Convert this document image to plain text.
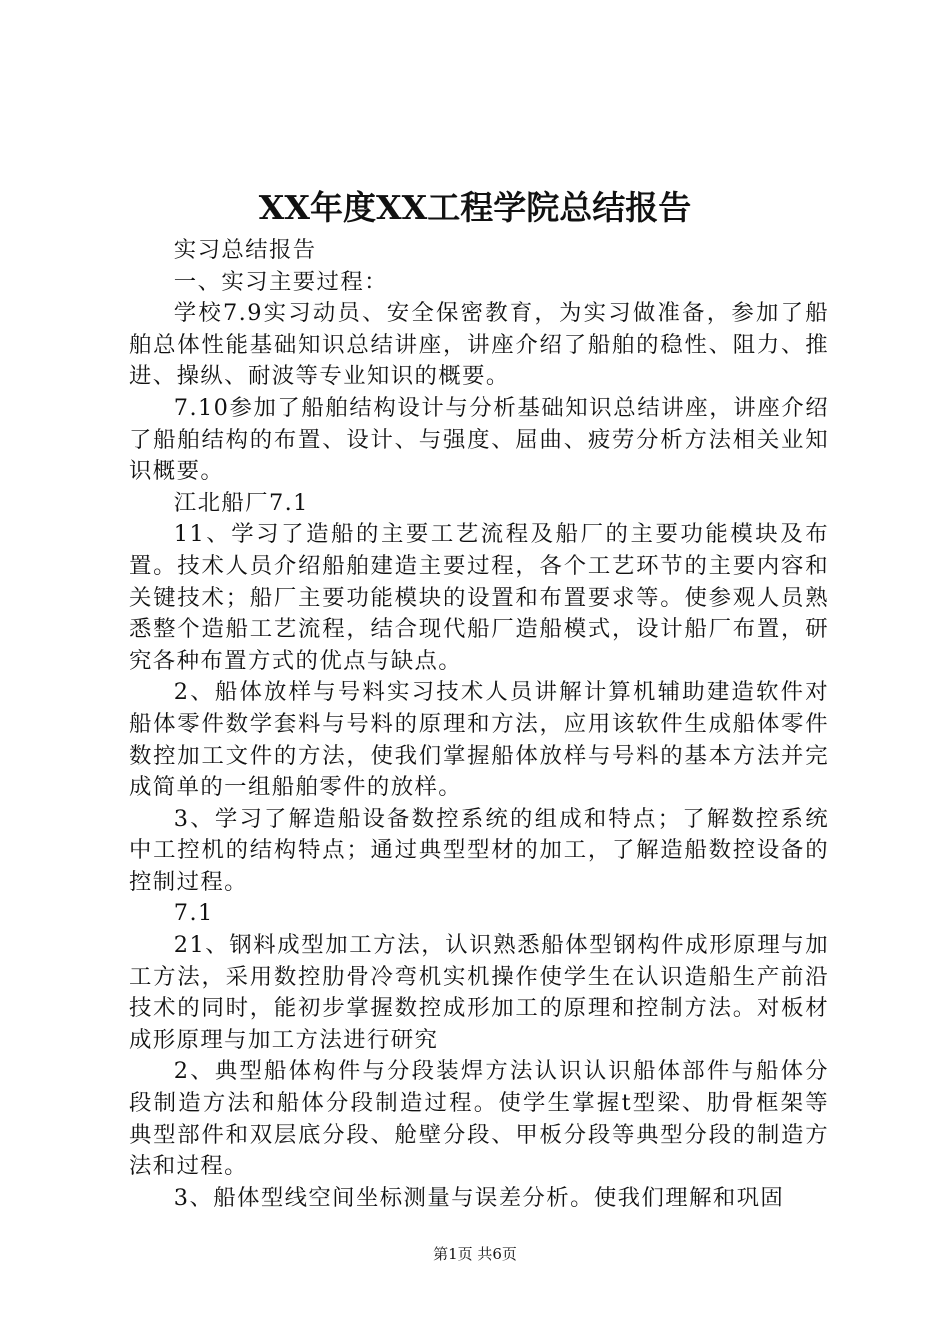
XX年度XX工程学院总结报告

实习总结报告

一、实习主要过程：

学校7.9实习动员、安全保密教育，为实习做准备，参加了船舶总体性能基础知识总结讲座，讲座介绍了船舶的稳性、阻力、推进、操纵、耐波等专业知识的概要。

7.10参加了船舶结构设计与分析基础知识总结讲座，讲座介绍了船舶结构的布置、设计、与强度、屈曲、疲劳分析方法相关业知识概要。

江北船厂7.1

11、学习了造船的主要工艺流程及船厂的主要功能模块及布置。技术人员介绍船舶建造主要过程，各个工艺环节的主要内容和关键技术；船厂主要功能模块的设置和布置要求等。使参观人员熟悉整个造船工艺流程，结合现代船厂造船模式，设计船厂布置，研究各种布置方式的优点与缺点。

2、船体放样与号料实习技术人员讲解计算机辅助建造软件对船体零件数学套料与号料的原理和方法，应用该软件生成船体零件数控加工文件的方法，使我们掌握船体放样与号料的基本方法并完成简单的一组船舶零件的放样。

3、学习了解造船设备数控系统的组成和特点；了解数控系统中工控机的结构特点；通过典型型材的加工，了解造船数控设备的控制过程。

7.1

21、钢料成型加工方法，认识熟悉船体型钢构件成形原理与加工方法，采用数控肋骨冷弯机实机操作使学生在认识造船生产前沿技术的同时，能初步掌握数控成形加工的原理和控制方法。对板材成形原理与加工方法进行研究

2、典型船体构件与分段装焊方法认识认识船体部件与船体分段制造方法和船体分段制造过程。使学生掌握t型梁、肋骨框架等典型部件和双层底分段、舱壁分段、甲板分段等典型分段的制造方法和过程。

3、船体型线空间坐标测量与误差分析。使我们理解和巩固

第1页 共6页
